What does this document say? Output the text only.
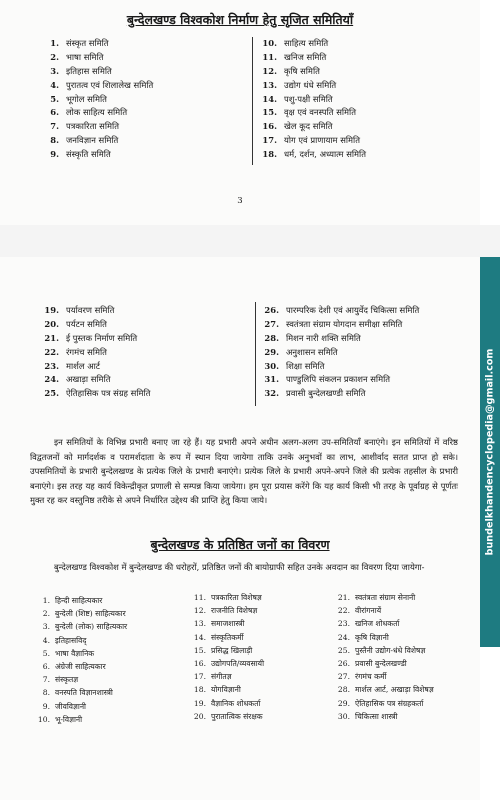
बुन्देलखण्ड विश्वकोश निर्माण हेतु सृजित समितियाँ
1. संस्कृत समिति
2. भाषा समिति
3. इतिहास समिति
4. पुरातत्व एवं शिलालेख समिति
5. भूगोल समिति
6. लोक साहित्य समिति
7. पत्रकारिता समिति
8. जनविज्ञान समिति
9. संस्कृति समिति
10. साहित्य समिति
11. खनिज समिति
12. कृषि समिति
13. उद्योग धंधे समिति
14. पशु-पक्षी समिति
15. वृक्ष एवं वनस्पति समिति
16. खेल कूद समिति
17. योग एवं प्राणायाम समिति
18. धर्म, दर्शन, अध्यात्म समिति
3
bundelkhandencyclopedia@gmail.com
19. पर्यावरण समिति
20. पर्यटन समिति
21. ई पुस्तक निर्माण समिति
22. रंगमंच समिति
23. मार्शल आर्ट
24. अखाड़ा समिति
25. ऐतिहासिक पत्र संग्रह समिति
26. पारम्परिक देशी एवं आयुर्वेद चिकित्सा समिति
27. स्वतंत्रता संग्राम योगदान समीक्षा समिति
28. मिशन नारी शक्ति समिति
29. अनुशासन समिति
30. शिक्षा समिति
31. पाण्डुलिपि संकलन प्रकाशन समिति
32. प्रवासी बुन्देलखण्डी समिति
इन समितियों के विभिन्न प्रभारी बनाए जा रहे हैं। यह प्रभारी अपने अधीन अलग-अलग उप-समितियाँ बनाएंगे। इन समितियों में वरिष्ठ विद्वतजनों को मार्गदर्शक व परामर्शदाता के रूप में स्थान दिया जायेगा ताकि उनके अनुभवों का लाभ, आशीर्वाद सतत प्राप्त हो सके। उपसमितियों के प्रभारी बुन्देलखण्ड के प्रत्येक जिले के प्रभारी बनाएंगे। प्रत्येक जिले के प्रभारी अपने-अपने जिले की प्रत्येक तहसील के प्रभारी बनाएंगे। इस तरह यह कार्य विकेन्द्रीकृत प्रणाली से सम्पन्न किया जायेगा। हम पूरा प्रयास करेंगे कि यह कार्य किसी भी तरह के पूर्वाग्रह से पूर्णतः मुक्त रह कर वस्तुनिष्ठ तरीके से अपने निर्धारित उद्देश्य की प्राप्ति हेतु किया जाये।
बुन्देलखण्ड के प्रतिष्ठित जनों का विवरण
बुन्देलखण्ड विश्वकोश में बुन्देलखण्ड की धरोहरों, प्रतिष्ठित जनों की बायोग्राफी सहित उनके अवदान का विवरण दिया जायेगा-
1. हिन्दी साहित्यकार
2. बुन्देली (शिष्ट) साहित्यकार
3. बुन्देली (लोक) साहित्यकार
4. इतिहासविद्
5. भाषा वैज्ञानिक
6. अंग्रेजी साहित्यकार
7. संस्कृतज्ञ
8. वनस्पति विज्ञानशास्त्री
9. जीवविज्ञानी
10. भू-विज्ञानी
11. पत्रकारिता विशेषज्ञ
12. राजनीति विशेषज्ञ
13. समाजशास्त्री
14. संस्कृतिकर्मी
15. प्रसिद्ध खिलाड़ी
16. उद्योगपति/व्यवसायी
17. संगीतज्ञ
18. योगविज्ञानी
19. वैज्ञानिक शोधकर्ता
20. पुरातात्विक संरक्षक
21. स्वतंत्रता संग्राम सेनानी
22. वीरांगनायें
23. खनिज शोधकर्ता
24. कृषि विज्ञानी
25. पुस्तैनी उद्योग-धंधे विशेषज्ञ
26. प्रवासी बुन्देलखण्डी
27. रंगमंच कर्मी
28. मार्शल आर्ट, अखाड़ा विशेषज्ञ
29. ऐतिहासिक पत्र संग्रहकर्ता
30. चिकित्सा शास्त्री
